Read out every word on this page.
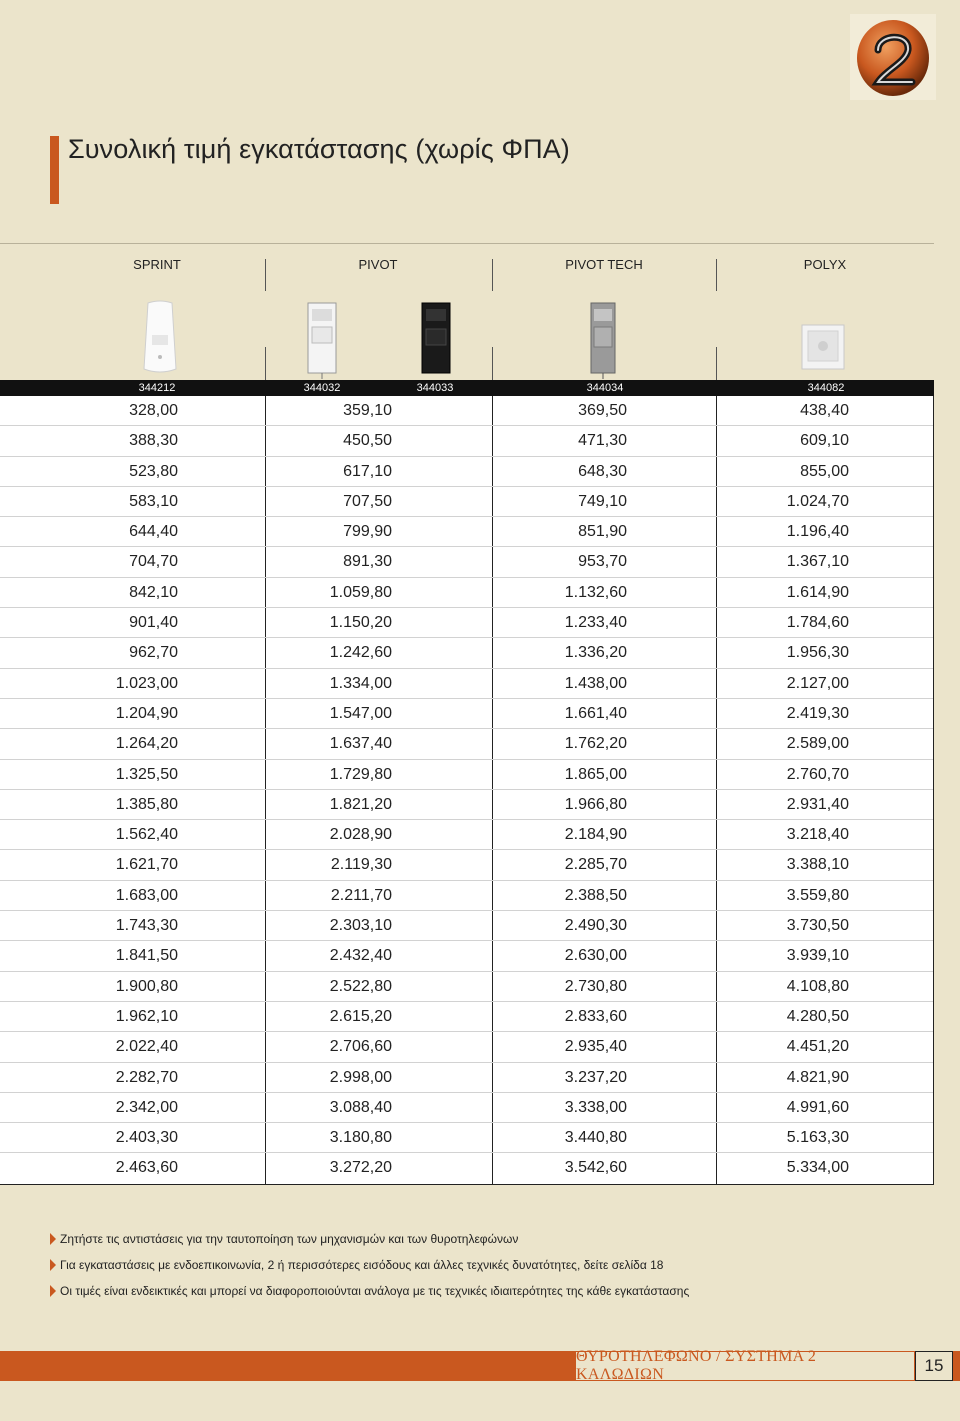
Συνολική τιμή εγκατάστασης (χωρίς ΦΠΑ)
SPRINT	PIVOT	PIVOT TECH	POLYX
344212	344032	344033	344034	344082
328,00	359,10	369,50	438,40
388,30	450,50	471,30	609,10
523,80	617,10	648,30	855,00
583,10	707,50	749,10	1.024,70
644,40	799,90	851,90	1.196,40
704,70	891,30	953,70	1.367,10
842,10	1.059,80	1.132,60	1.614,90
901,40	1.150,20	1.233,40	1.784,60
962,70	1.242,60	1.336,20	1.956,30
1.023,00	1.334,00	1.438,00	2.127,00
1.204,90	1.547,00	1.661,40	2.419,30
1.264,20	1.637,40	1.762,20	2.589,00
1.325,50	1.729,80	1.865,00	2.760,70
1.385,80	1.821,20	1.966,80	2.931,40
1.562,40	2.028,90	2.184,90	3.218,40
1.621,70	2.119,30	2.285,70	3.388,10
1.683,00	2.211,70	2.388,50	3.559,80
1.743,30	2.303,10	2.490,30	3.730,50
1.841,50	2.432,40	2.630,00	3.939,10
1.900,80	2.522,80	2.730,80	4.108,80
1.962,10	2.615,20	2.833,60	4.280,50
2.022,40	2.706,60	2.935,40	4.451,20
2.282,70	2.998,00	3.237,20	4.821,90
2.342,00	3.088,40	3.338,00	4.991,60
2.403,30	3.180,80	3.440,80	5.163,30
2.463,60	3.272,20	3.542,60	5.334,00
Ζητήστε τις αντιστάσεις για την ταυτοποίηση των μηχανισμών και των θυροτηλεφώνων
Για εγκαταστάσεις με ενδοεπικοινωνία, 2 ή περισσότερες εισόδους και άλλες τεχνικές δυνατότητες, δείτε σελίδα 18
Οι τιμές είναι ενδεικτικές και μπορεί να διαφοροποιούνται ανάλογα με τις τεχνικές ιδιαιτερότητες της κάθε εγκατάστασης
ΘΥΡΟΤΗΛΕΦΩΝΟ / ΣΥΣΤΗΜΑ 2 ΚΑΛΩΔΙΩΝ	15
